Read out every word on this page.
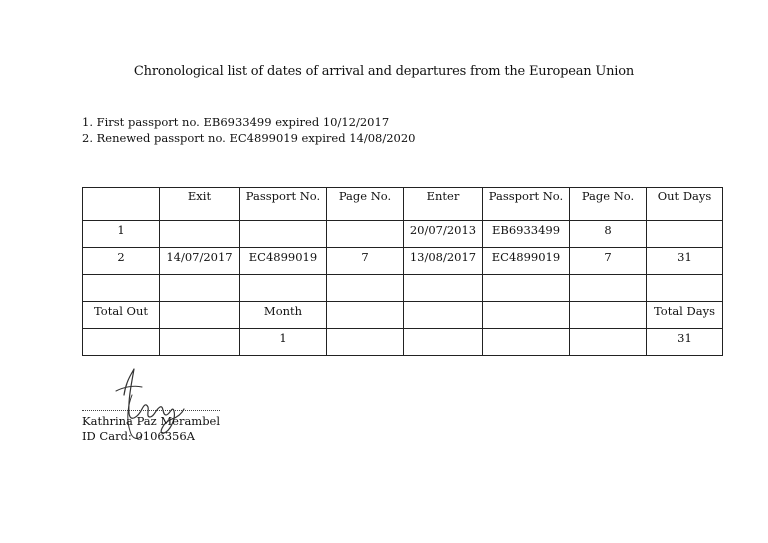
Chronological list of dates of arrival and departures from the European Union
1. First passport no. EB6933499 expired 10/12/2017
2. Renewed passport no. EC4899019 expired 14/08/2020
	Exit	Passport No.	Page No.	Enter	Passport No.	Page No.	Out Days
1				20/07/2013	EB6933499	8	
2	14/07/2017	EC4899019	7	13/08/2017	EC4899019	7	31

Total Out		Month					Total Days
		1					31
Kathrina Paz Merambel
ID Card: 0106356A
